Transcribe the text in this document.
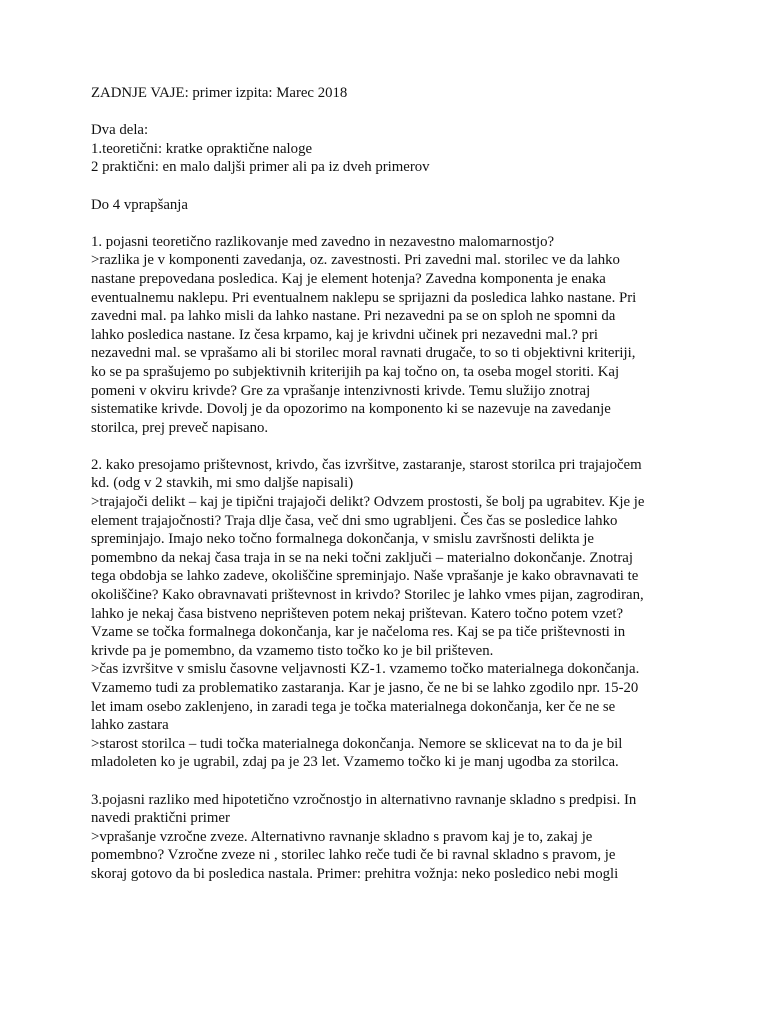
ZADNJE VAJE: primer izpita: Marec 2018
Dva dela:
1.teoretični: kratke opraktične naloge
2 praktični: en malo daljši primer ali pa iz dveh primerov
Do 4 vprapšanja
1. pojasni teoretično razlikovanje med zavedno in nezavestno malomarnostjo?
>razlika je v komponenti zavedanja, oz. zavestnosti. Pri zavedni mal. storilec ve da lahko
nastane prepovedana posledica. Kaj je element hotenja? Zavedna komponenta je enaka
eventualnemu naklepu. Pri eventualnem naklepu se sprijazni da posledica lahko nastane. Pri
zavedni mal. pa lahko misli da lahko nastane. Pri nezavedni pa se on sploh ne spomni da
lahko posledica nastane. Iz česa krpamo, kaj je krivdni učinek pri nezavedni mal.? pri
nezavedni mal. se vprašamo ali bi storilec moral ravnati drugače, to so ti objektivni kriteriji,
ko se pa sprašujemo po subjektivnih kriterijih pa kaj točno on, ta oseba mogel storiti. Kaj
pomeni v okviru krivde? Gre za vprašanje intenzivnosti krivde. Temu služijo znotraj
sistematike krivde. Dovolj je da opozorimo na komponento ki se nazevuje na zavedanje
storilca, prej preveč napisano.
2. kako presojamo prištevnost, krivdo, čas izvršitve, zastaranje, starost storilca pri trajajočem
kd. (odg v 2 stavkih, mi smo daljše napisali)
>trajajoči delikt – kaj je tipični trajajoči delikt? Odvzem prostosti, še bolj pa ugrabitev. Kje je
element trajajočnosti? Traja dlje časa, več dni smo ugrabljeni. Čes čas se posledice lahko
spreminjajo. Imajo neko točno formalnega dokončanja, v smislu završnosti delikta je
pomembno da nekaj časa traja in se na neki točni zaključi – materialno dokončanje. Znotraj
tega obdobja se lahko zadeve, okoliščine spreminjajo. Naše vprašanje je kako obravnavati te
okoliščine? Kako obravnavati prištevnost in krivdo? Storilec je lahko vmes pijan, zagrodiran,
lahko je nekaj časa bistveno neprišteven potem nekaj prištevan. Katero točno potem vzet?
Vzame se točka formalnega dokončanja, kar je načeloma res. Kaj se pa tiče prištevnosti in
krivde pa je pomembno, da vzamemo tisto točko ko je bil prišteven.
>čas izvršitve v smislu časovne veljavnosti KZ-1. vzamemo točko materialnega dokončanja.
Vzamemo tudi za problematiko zastaranja. Kar je jasno, če ne bi se lahko zgodilo npr. 15-20
let imam osebo zaklenjeno, in zaradi tega je točka materialnega dokončanja, ker če ne se
lahko zastara
>starost storilca – tudi točka materialnega dokončanja. Nemore se sklicevat na to da je bil
mladoleten ko je ugrabil, zdaj pa je 23 let. Vzamemo točko ki je manj ugodba za storilca.
3.pojasni razliko med hipotetično vzročnostjo in alternativno ravnanje skladno s predpisi. In
navedi praktični primer
>vprašanje vzročne zveze. Alternativno ravnanje skladno s pravom kaj je to, zakaj je
pomembno? Vzročne zveze ni , storilec lahko reče tudi če bi ravnal skladno s pravom, je
skoraj gotovo da bi posledica nastala. Primer: prehitra vožnja: neko posledico nebi mogli
